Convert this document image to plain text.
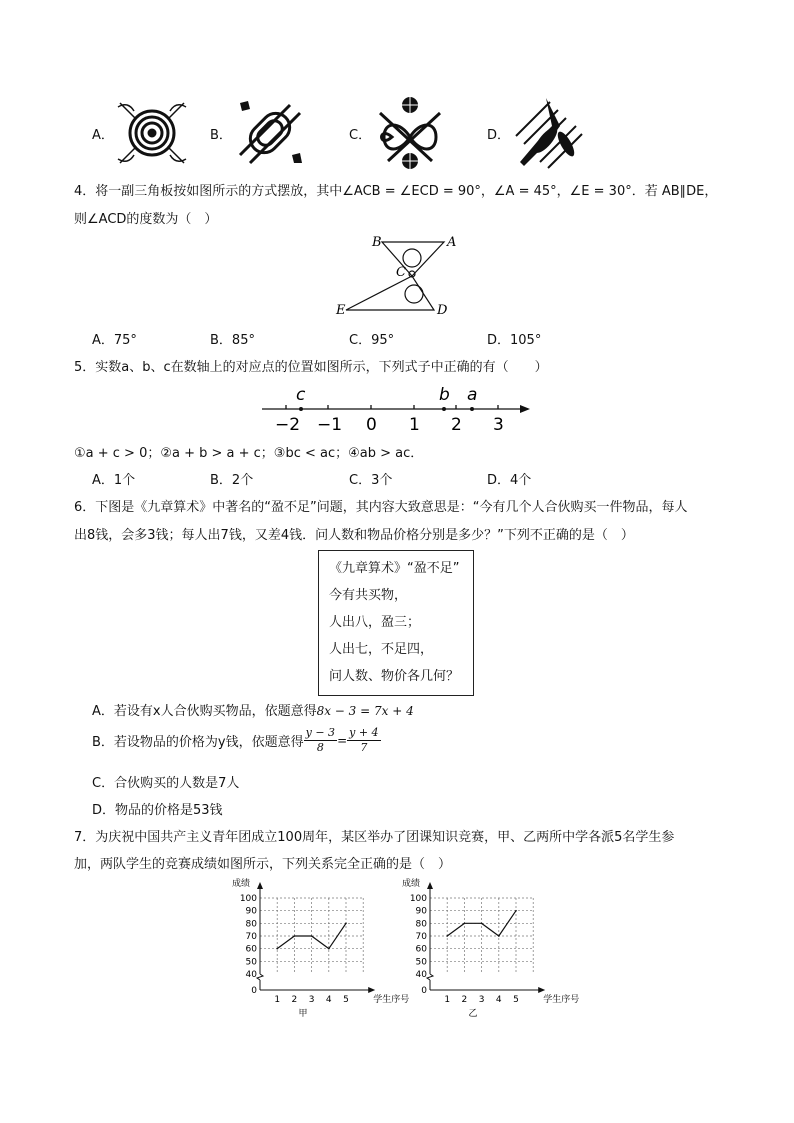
A．	B．	C．	D．
4．将一副三角板按如图所示的方式摆放，其中∠ACB = ∠ECD = 90°，∠A = 45°，∠E = 30°．若 AB∥DE，
则∠ACD的度数为（　）
B	A
C
E	D
A．75°	B．85°	C．95°	D．105°
5．实数a、b、c在数轴上的对应点的位置如图所示，下列式子中正确的有（　　）
c	b a
−2 −1 0 1 2 3
①a + c > 0；②a + b > a + c；③bc < ac；④ab > ac．
A．1个	B．2个	C．3个	D．4个
6．下图是《九章算术》中著名的“盈不足”问题，其内容大致意思是：“今有几个人合伙购买一件物品，每人
出8钱，会多3钱；每人出7钱，又差4钱．问人数和物品价格分别是多少？”下列不正确的是（　）
《九章算术》“盈不足”
今有共买物，
人出八，盈三；
人出七，不足四，
问人数、物价各几何？
A．若设有x人合伙购买物品，依题意得8x − 3 = 7x + 4
B．若设物品的价格为y钱，依题意得 $\frac{y - 3}{8} = \frac{y + 4}{7}$
C．合伙购买的人数是7人
D．物品的价格是53钱
7．为庆祝中国共产主义青年团成立100周年，某区举办了团课知识竞赛，甲、乙两所中学各派5名学生参
加，两队学生的竞赛成绩如图所示，下列关系完全正确的是（　）
0
40
50
60
70
80
90
100
1 2 3 4 5
成绩
学生序号
甲
0
40
50
60
70
80
90
100
1 2 3 4 5
成绩
学生序号
乙
